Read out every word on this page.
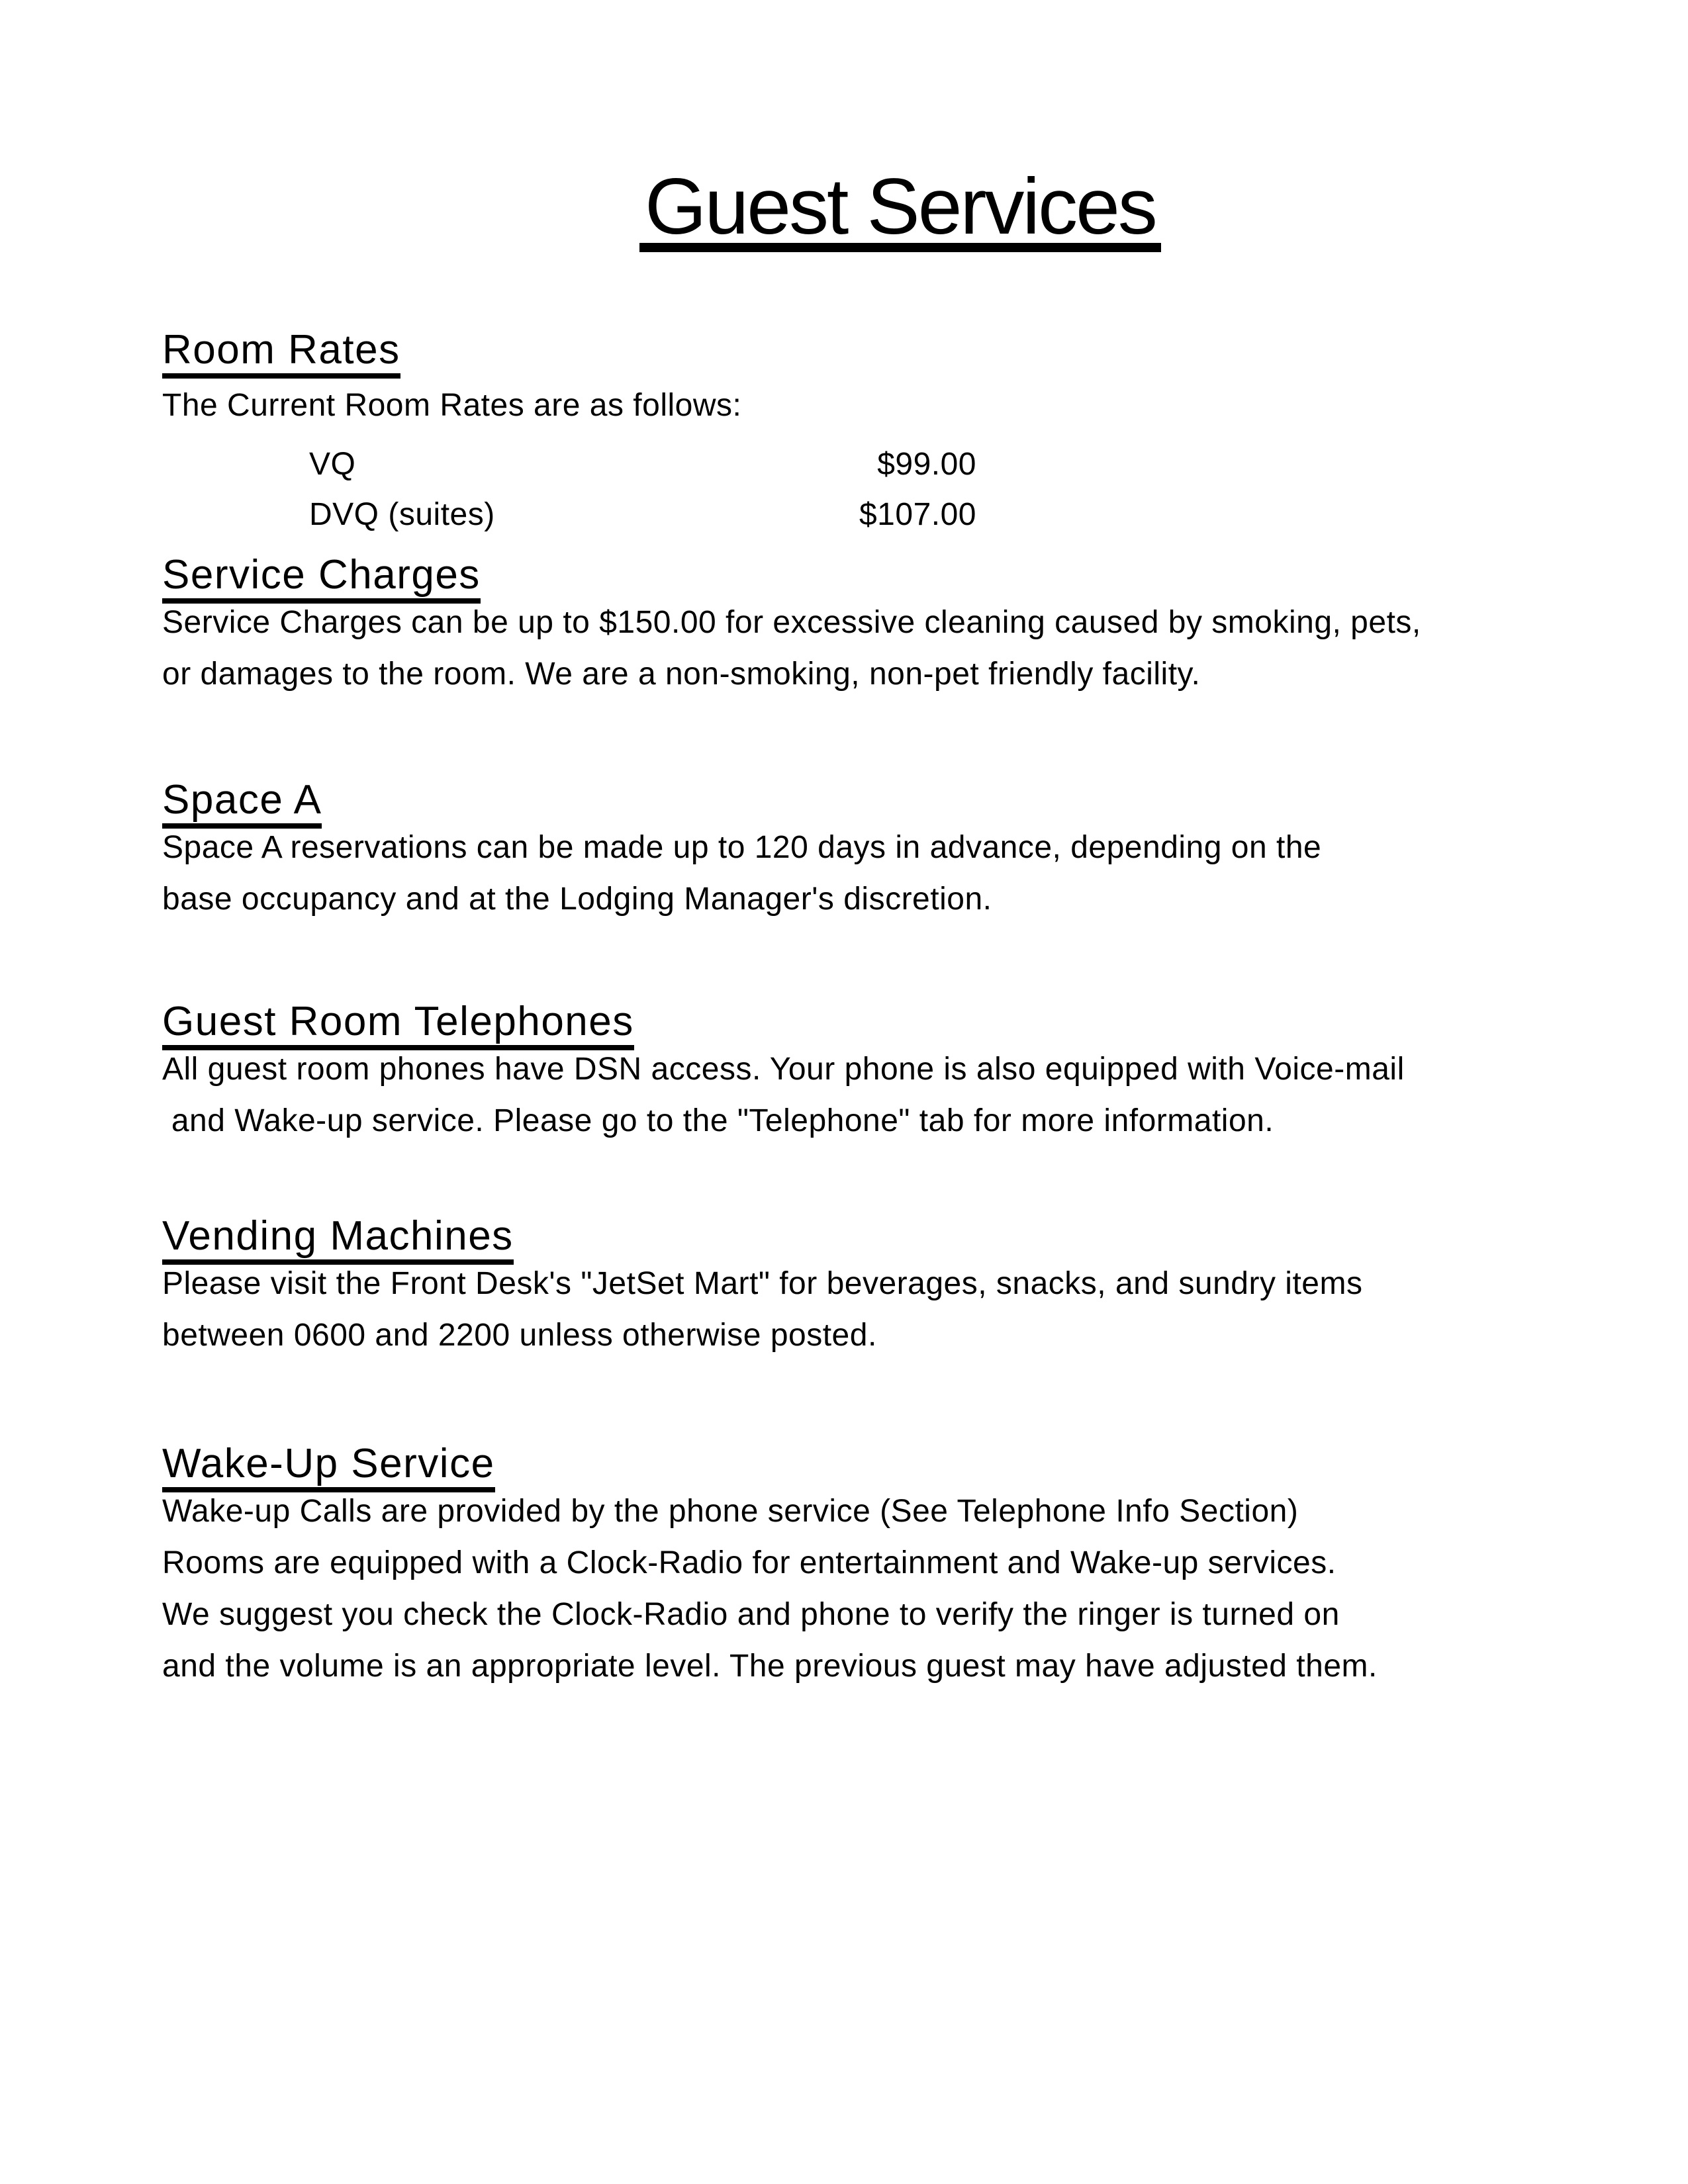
Guest Services
Room Rates
The Current Room Rates are as follows:
VQ	$99.00
DVQ (suites)	$107.00
Service Charges
Service Charges can be up to $150.00 for excessive cleaning caused by smoking, pets,
or damages to the room. We are a non-smoking, non-pet friendly facility.
Space A
Space A reservations can be made up to 120 days in advance, depending on the
base occupancy and at the Lodging Manager's discretion.
Guest Room Telephones
All guest room phones have DSN access. Your phone is also equipped with Voice-mail
and Wake-up service. Please go to the "Telephone" tab for more information.
Vending Machines
Please visit the Front Desk's "JetSet Mart" for beverages, snacks, and sundry items
between 0600 and 2200 unless otherwise posted.
Wake-Up Service
Wake-up Calls are provided by the phone service (See Telephone Info Section)
Rooms are equipped with a Clock-Radio for entertainment and Wake-up services.
We suggest you check the Clock-Radio and phone to verify the ringer is turned on
and the volume is an appropriate level. The previous guest may have adjusted them.
